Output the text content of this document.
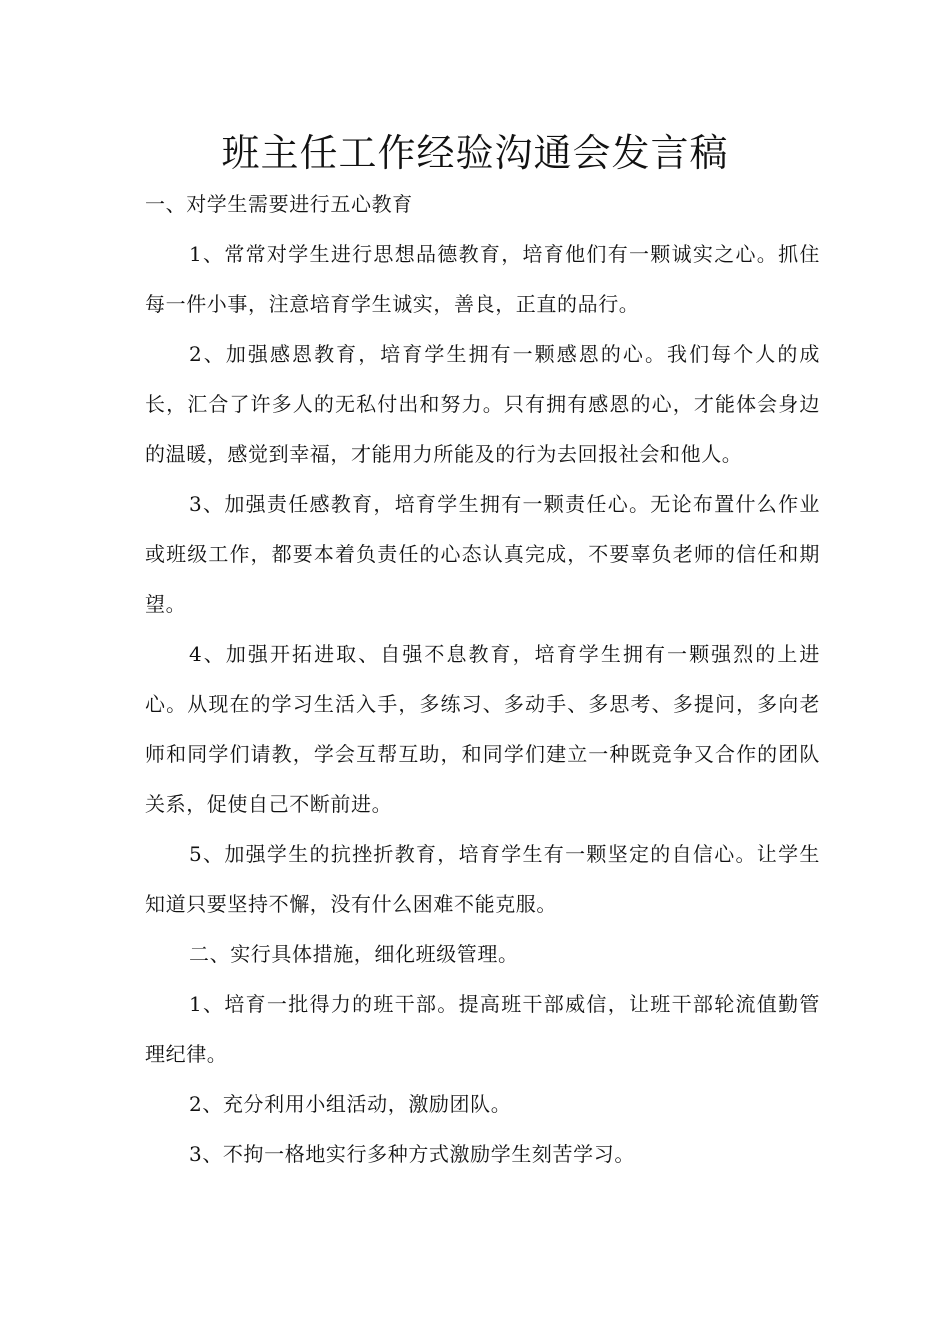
班主任工作经验沟通会发言稿

一、对学生需要进行五心教育

1、常常对学生进行思想品德教育，培育他们有一颗诚实之心。抓住每一件小事，注意培育学生诚实，善良，正直的品行。

2、加强感恩教育，培育学生拥有一颗感恩的心。我们每个人的成长，汇合了许多人的无私付出和努力。只有拥有感恩的心，才能体会身边的温暖，感觉到幸福，才能用力所能及的行为去回报社会和他人。

3、加强责任感教育，培育学生拥有一颗责任心。无论布置什么作业或班级工作，都要本着负责任的心态认真完成，不要辜负老师的信任和期望。

4、加强开拓进取、自强不息教育，培育学生拥有一颗强烈的上进心。从现在的学习生活入手，多练习、多动手、多思考、多提问，多向老师和同学们请教，学会互帮互助，和同学们建立一种既竞争又合作的团队关系，促使自己不断前进。

5、加强学生的抗挫折教育，培育学生有一颗坚定的自信心。让学生知道只要坚持不懈，没有什么困难不能克服。

二、实行具体措施，细化班级管理。

1、培育一批得力的班干部。提高班干部威信，让班干部轮流值勤管理纪律。

2、充分利用小组活动，激励团队。

3、不拘一格地实行多种方式激励学生刻苦学习。
